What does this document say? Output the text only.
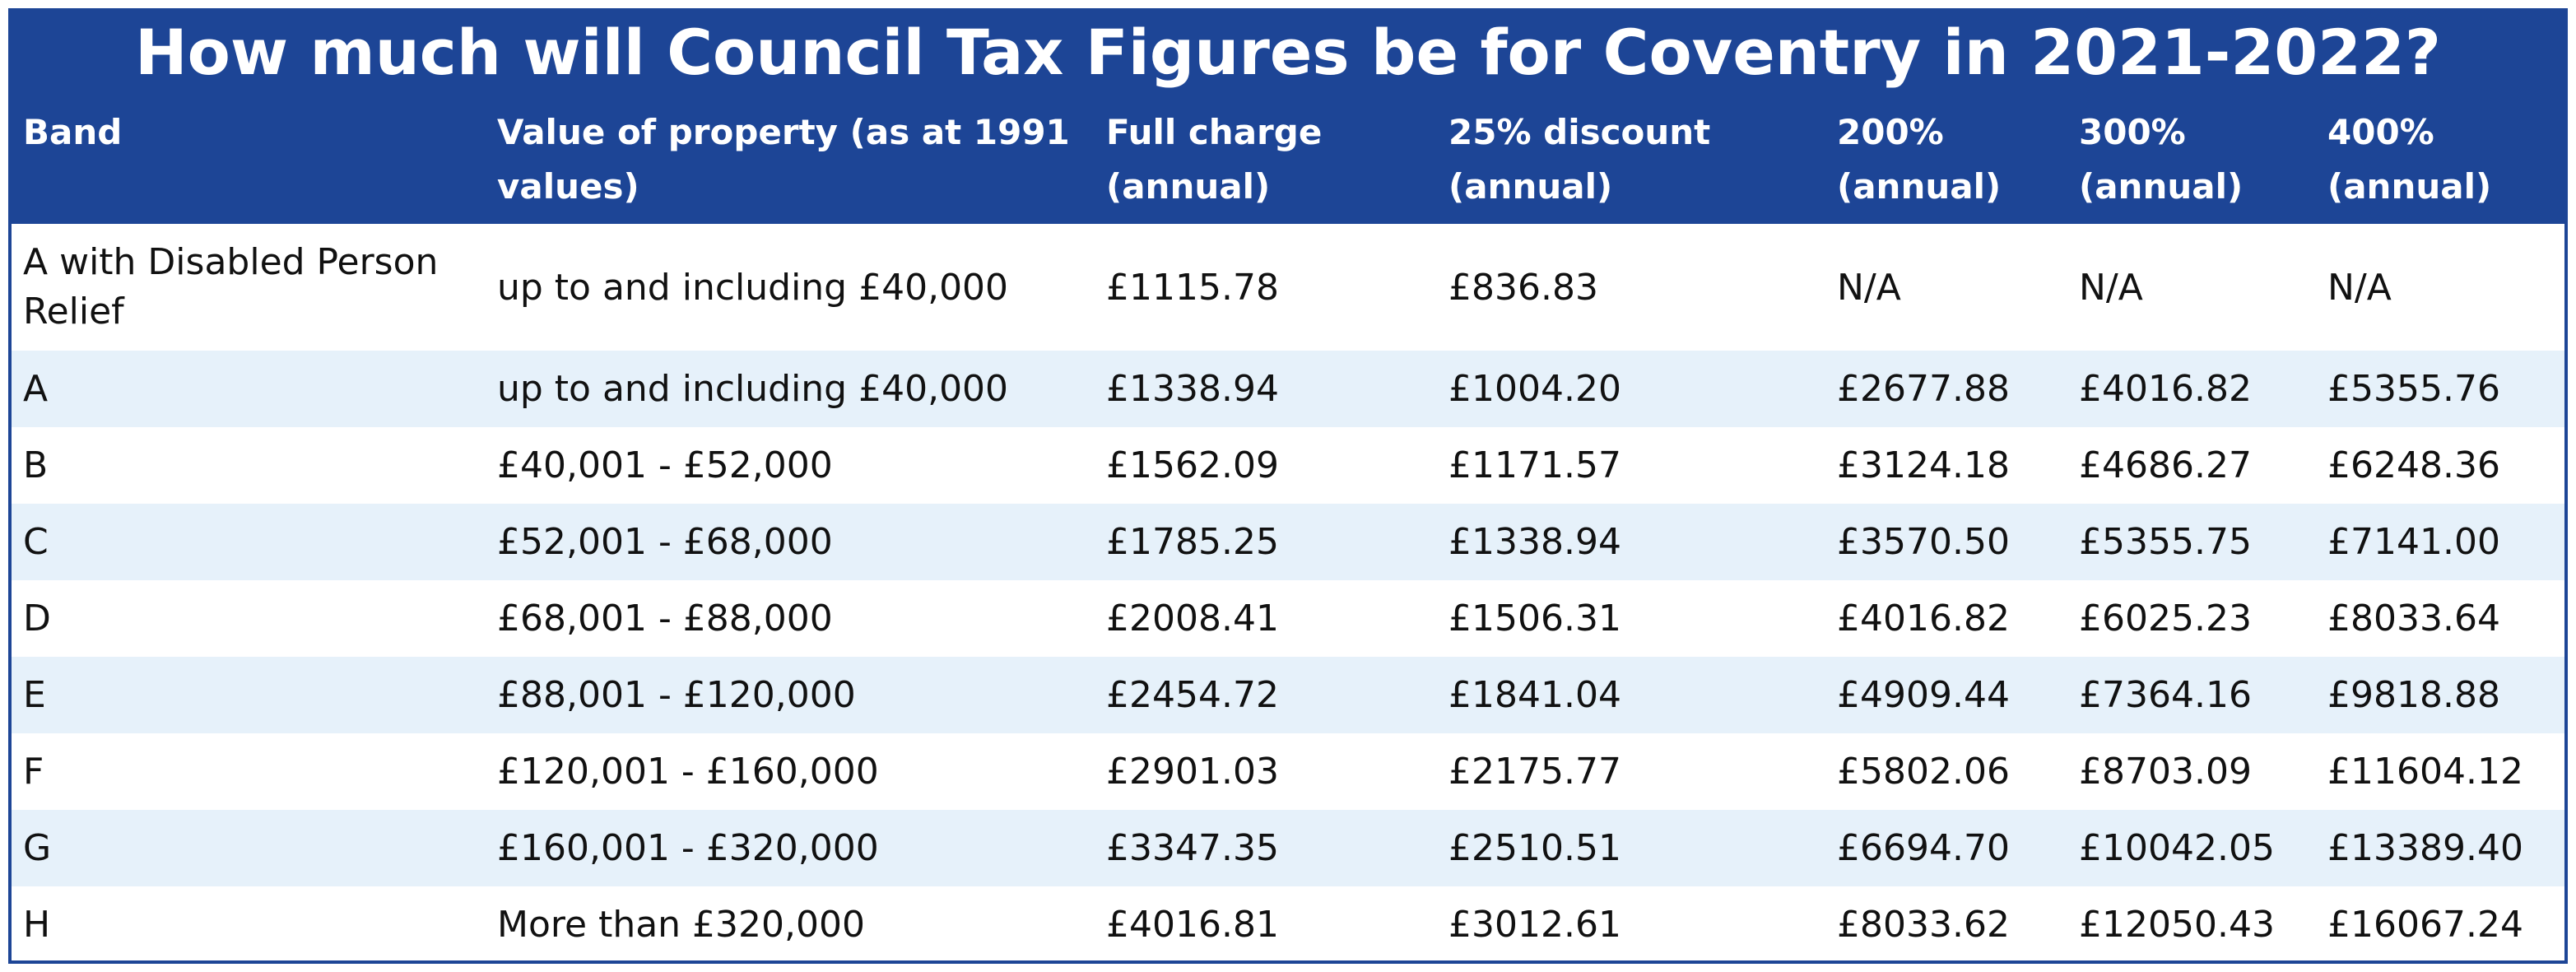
How much will Council Tax Figures be for Coventry in 2021-2022?
Band	Value of property (as at 1991 values)	Full charge (annual)	25% discount (annual)	200% (annual)	300% (annual)	400% (annual)
A with Disabled Person Relief	up to and including £40,000	£1115.78	£836.83	N/A	N/A	N/A
A	up to and including £40,000	£1338.94	£1004.20	£2677.88	£4016.82	£5355.76
B	£40,001 - £52,000	£1562.09	£1171.57	£3124.18	£4686.27	£6248.36
C	£52,001 - £68,000	£1785.25	£1338.94	£3570.50	£5355.75	£7141.00
D	£68,001 - £88,000	£2008.41	£1506.31	£4016.82	£6025.23	£8033.64
E	£88,001 - £120,000	£2454.72	£1841.04	£4909.44	£7364.16	£9818.88
F	£120,001 - £160,000	£2901.03	£2175.77	£5802.06	£8703.09	£11604.12
G	£160,001 - £320,000	£3347.35	£2510.51	£6694.70	£10042.05	£13389.40
H	More than £320,000	£4016.81	£3012.61	£8033.62	£12050.43	£16067.24
